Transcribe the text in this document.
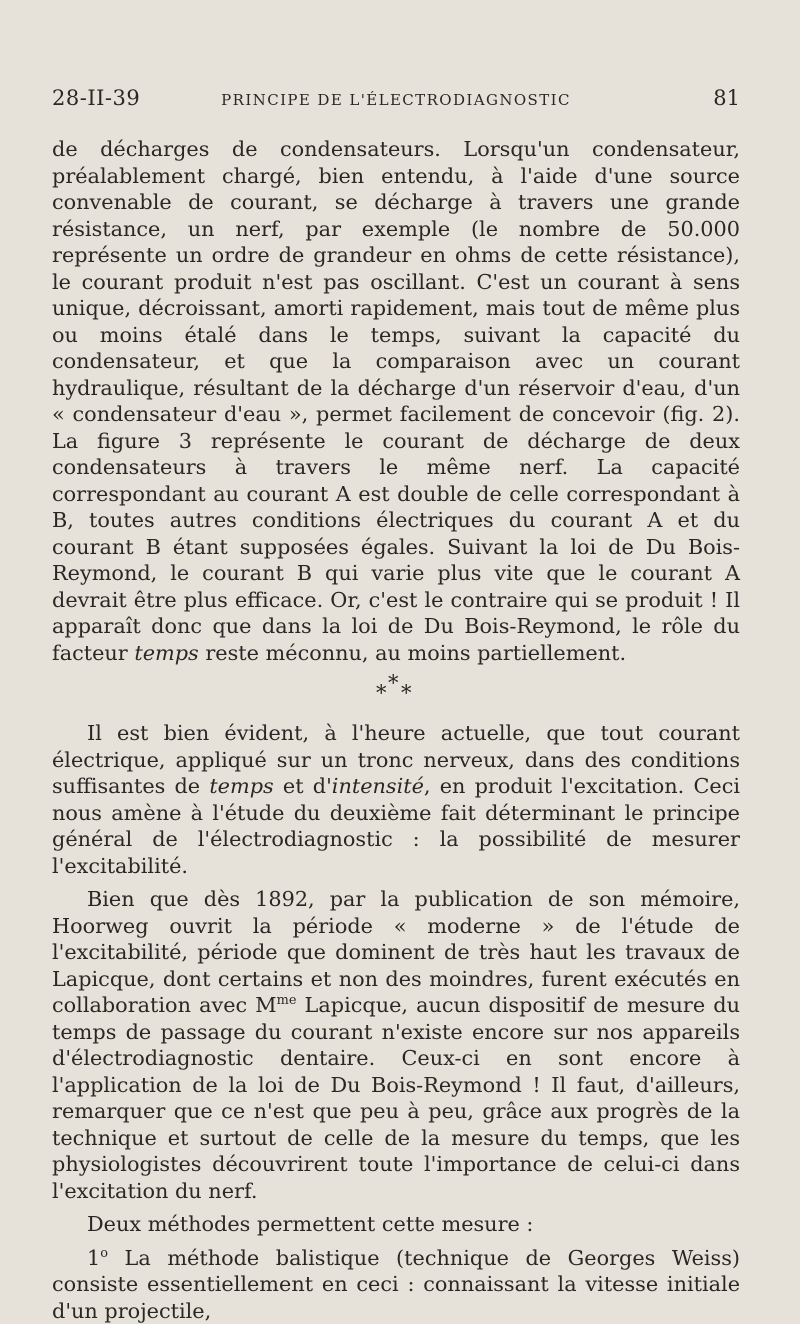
28-II-39	PRINCIPE DE L'ÉLECTRODIAGNOSTIC	81

de décharges de condensateurs. Lorsqu'un condensateur, préalablement chargé, bien entendu, à l'aide d'une source convenable de courant, se décharge à travers une grande résistance, un nerf, par exemple (le nombre de 50.000 représente un ordre de grandeur en ohms de cette résistance), le courant produit n'est pas oscillant. C'est un courant à sens unique, décroissant, amorti rapidement, mais tout de même plus ou moins étalé dans le temps, suivant la capacité du condensateur, et que la comparaison avec un courant hydraulique, résultant de la décharge d'un réservoir d'eau, d'un « condensateur d'eau », permet facilement de concevoir (fig. 2). La figure 3 représente le courant de décharge de deux condensateurs à travers le même nerf. La capacité correspondant au courant A est double de celle correspondant à B, toutes autres conditions électriques du courant A et du courant B étant supposées égales. Suivant la loi de Du Bois-Reymond, le courant B qui varie plus vite que le courant A devrait être plus efficace. Or, c'est le contraire qui se produit ! Il apparaît donc que dans la loi de Du Bois-Reymond, le rôle du facteur temps reste méconnu, au moins partiellement.

*
* *

Il est bien évident, à l'heure actuelle, que tout courant électrique, appliqué sur un tronc nerveux, dans des conditions suffisantes de temps et d'intensité, en produit l'excitation. Ceci nous amène à l'étude du deuxième fait déterminant le principe général de l'électrodiagnostic : la possibilité de mesurer l'excitabilité.

Bien que dès 1892, par la publication de son mémoire, Hoorweg ouvrit la période « moderne » de l'étude de l'excitabilité, période que dominent de très haut les travaux de Lapicque, dont certains et non des moindres, furent exécutés en collaboration avec $M^{me}$ Lapicque, aucun dispositif de mesure du temps de passage du courant n'existe encore sur nos appareils d'électrodiagnostic dentaire. Ceux-ci en sont encore à l'application de la loi de Du Bois-Reymond ! Il faut, d'ailleurs, remarquer que ce n'est que peu à peu, grâce aux progrès de la technique et surtout de celle de la mesure du temps, que les physiologistes découvrirent toute l'importance de celui-ci dans l'excitation du nerf.

Deux méthodes permettent cette mesure :

1$^o$ La méthode balistique (technique de Georges Weiss) consiste essentiellement en ceci : connaissant la vitesse initiale d'un projectile,
